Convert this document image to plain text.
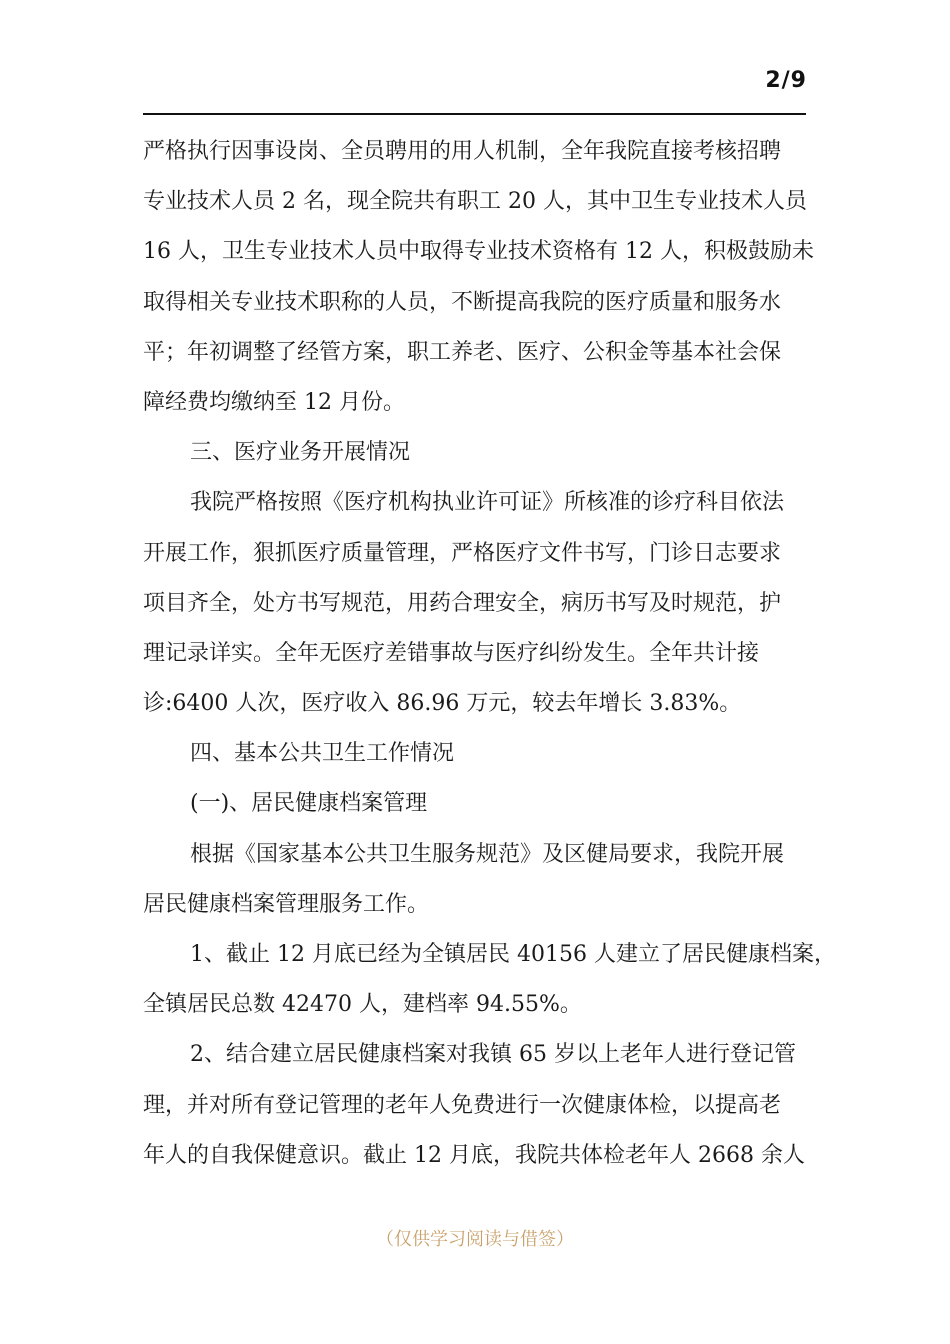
2/9
严格执行因事设岗、全员聘用的用人机制，全年我院直接考核招聘
专业技术人员 2 名，现全院共有职工 20 人，其中卫生专业技术人员
16 人，卫生专业技术人员中取得专业技术资格有 12 人，积极鼓励未
取得相关专业技术职称的人员，不断提高我院的医疗质量和服务水
平；年初调整了经管方案，职工养老、医疗、公积金等基本社会保
障经费均缴纳至 12 月份。
三、医疗业务开展情况
我院严格按照《医疗机构执业许可证》所核准的诊疗科目依法
开展工作，狠抓医疗质量管理，严格医疗文件书写，门诊日志要求
项目齐全，处方书写规范，用药合理安全，病历书写及时规范，护
理记录详实。全年无医疗差错事故与医疗纠纷发生。全年共计接
诊:6400 人次，医疗收入 86.96 万元，较去年增长 3.83%。
四、基本公共卫生工作情况
(一)、居民健康档案管理
根据《国家基本公共卫生服务规范》及区健局要求，我院开展
居民健康档案管理服务工作。
1、截止 12 月底已经为全镇居民 40156 人建立了居民健康档案，
全镇居民总数 42470 人，建档率 94.55%。
2、结合建立居民健康档案对我镇 65 岁以上老年人进行登记管
理，并对所有登记管理的老年人免费进行一次健康体检，以提高老
年人的自我保健意识。截止 12 月底，我院共体检老年人 2668 余人
（仅供学习阅读与借签）
